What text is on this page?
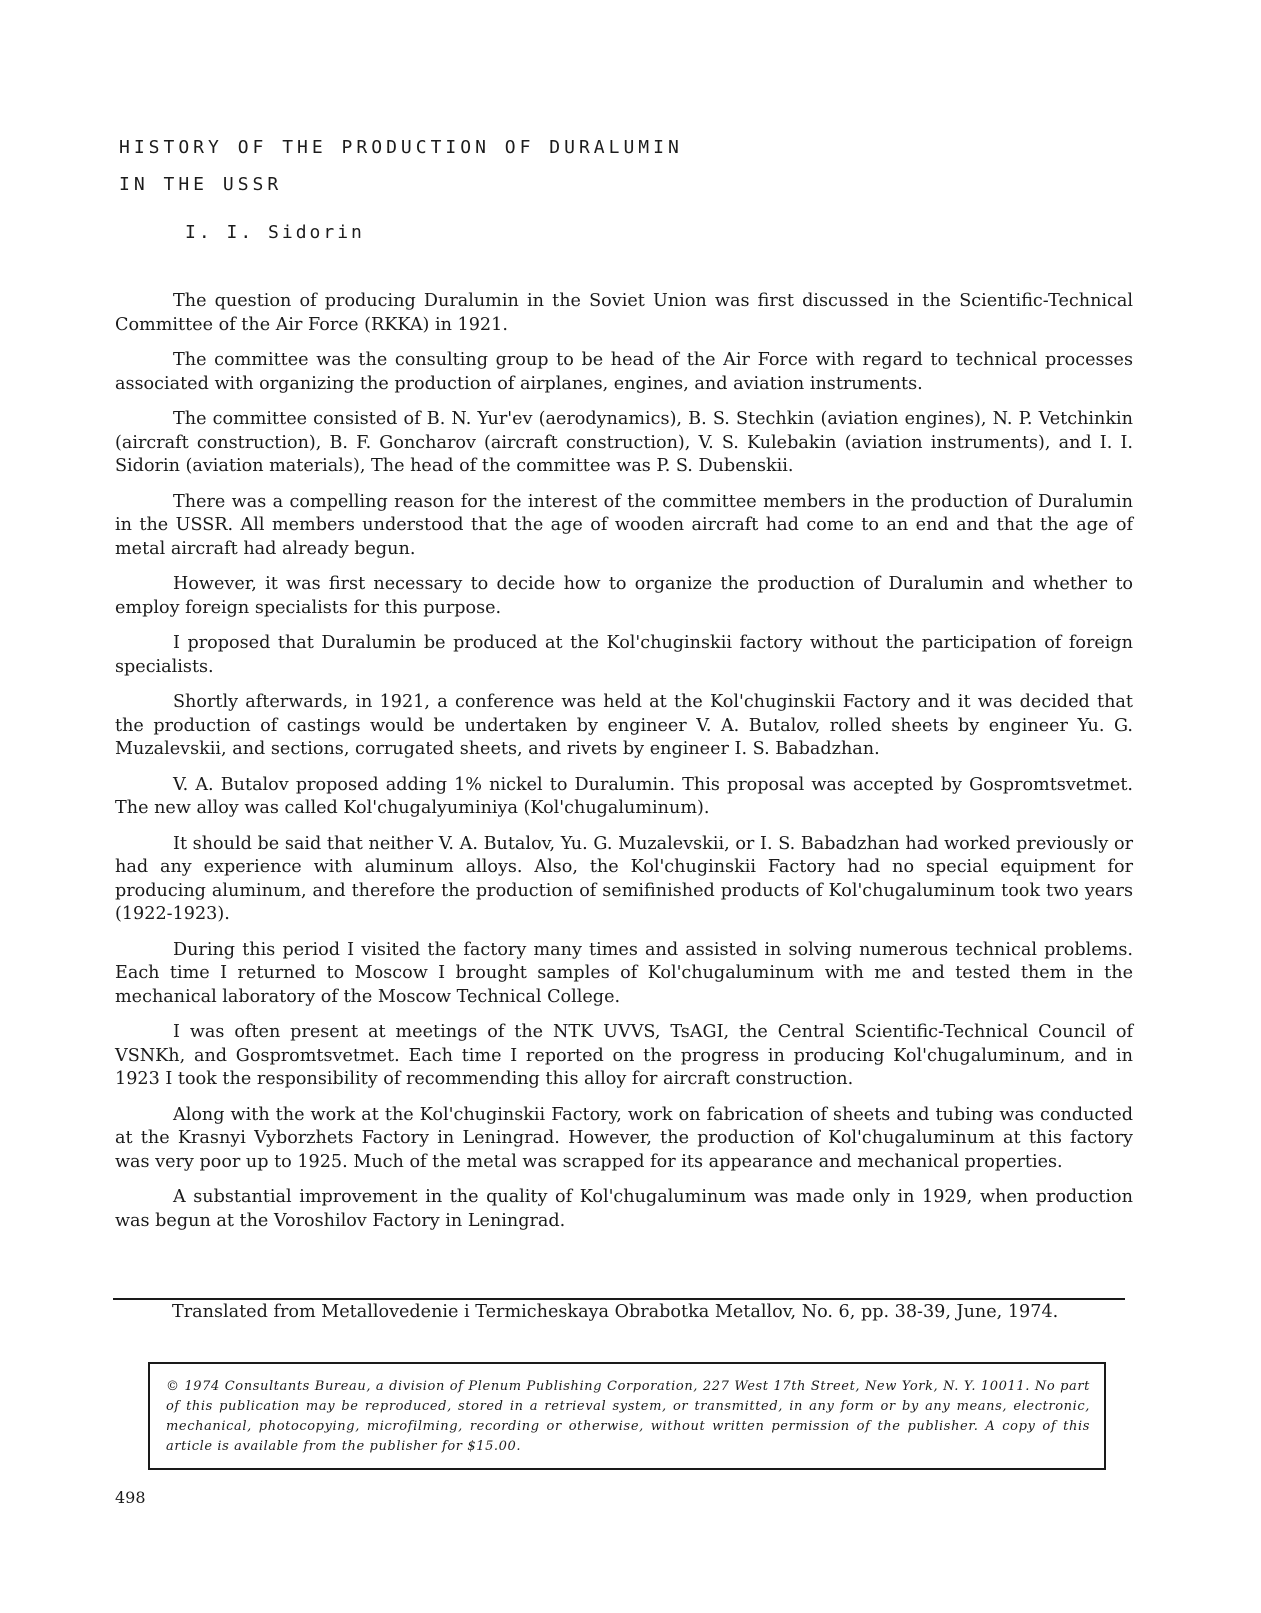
HISTORY OF THE PRODUCTION OF DURALUMIN
IN THE USSR
I. I. Sidorin

The question of producing Duralumin in the Soviet Union was first discussed in the Scientific-Technical Committee of the Air Force (RKKA) in 1921.

The committee was the consulting group to be head of the Air Force with regard to technical processes associated with organizing the production of airplanes, engines, and aviation instruments.

The committee consisted of B. N. Yur'ev (aerodynamics), B. S. Stechkin (aviation engines), N. P. Vetchinkin (aircraft construction), B. F. Goncharov (aircraft construction), V. S. Kulebakin (aviation instruments), and I. I. Sidorin (aviation materials), The head of the committee was P. S. Dubenskii.

There was a compelling reason for the interest of the committee members in the production of Duralumin in the USSR. All members understood that the age of wooden aircraft had come to an end and that the age of metal aircraft had already begun.

However, it was first necessary to decide how to organize the production of Duralumin and whether to employ foreign specialists for this purpose.

I proposed that Duralumin be produced at the Kol'chuginskii factory without the participation of foreign specialists.

Shortly afterwards, in 1921, a conference was held at the Kol'chuginskii Factory and it was decided that the production of castings would be undertaken by engineer V. A. Butalov, rolled sheets by engineer Yu. G. Muzalevskii, and sections, corrugated sheets, and rivets by engineer I. S. Babadzhan.

V. A. Butalov proposed adding 1% nickel to Duralumin. This proposal was accepted by Gospromtsvetmet. The new alloy was called Kol'chugalyuminiya (Kol'chugaluminum).

It should be said that neither V. A. Butalov, Yu. G. Muzalevskii, or I. S. Babadzhan had worked previously or had any experience with aluminum alloys. Also, the Kol'chuginskii Factory had no special equipment for producing aluminum, and therefore the production of semifinished products of Kol'chugaluminum took two years (1922-1923).

During this period I visited the factory many times and assisted in solving numerous technical problems. Each time I returned to Moscow I brought samples of Kol'chugaluminum with me and tested them in the mechanical laboratory of the Moscow Technical College.

I was often present at meetings of the NTK UVVS, TsAGI, the Central Scientific-Technical Council of VSNKh, and Gospromtsvetmet. Each time I reported on the progress in producing Kol'chugaluminum, and in 1923 I took the responsibility of recommending this alloy for aircraft construction.

Along with the work at the Kol'chuginskii Factory, work on fabrication of sheets and tubing was conducted at the Krasnyi Vyborzhets Factory in Leningrad. However, the production of Kol'chugaluminum at this factory was very poor up to 1925. Much of the metal was scrapped for its appearance and mechanical properties.

A substantial improvement in the quality of Kol'chugaluminum was made only in 1929, when production was begun at the Voroshilov Factory in Leningrad.

Translated from Metallovedenie i Termicheskaya Obrabotka Metallov, No. 6, pp. 38-39, June, 1974.

© 1974 Consultants Bureau, a division of Plenum Publishing Corporation, 227 West 17th Street, New York, N. Y. 10011. No part of this publication may be reproduced, stored in a retrieval system, or transmitted, in any form or by any means, electronic, mechanical, photocopying, microfilming, recording or otherwise, without written permission of the publisher. A copy of this article is available from the publisher for $15.00.

498
